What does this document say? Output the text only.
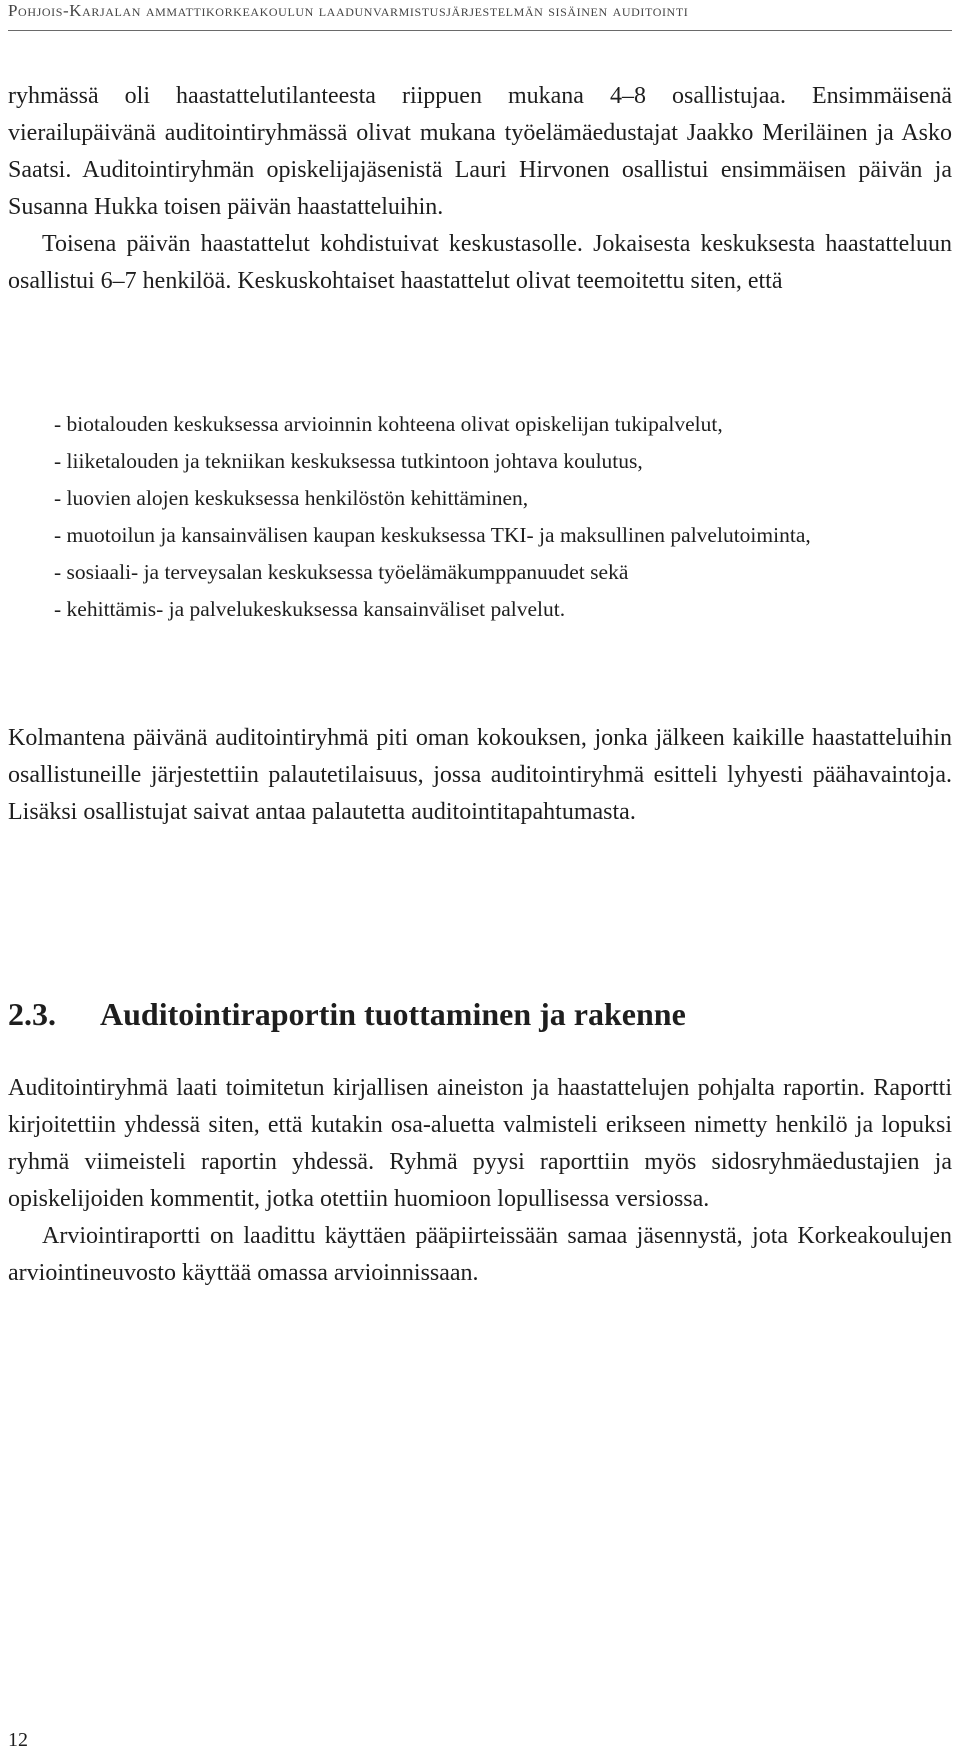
Pohjois-Karjalan ammattikorkeakoulun laadunvarmistusjärjestelmän sisäinen auditointi

ryhmässä oli haastattelutilanteesta riippuen mukana 4–8 osallistujaa. Ensimmäisenä vierailupäivänä auditointiryhmässä olivat mukana työelämäedustajat Jaakko Meriläinen ja Asko Saatsi. Auditointiryhmän opiskelijajäsenistä Lauri Hirvonen osallistui ensimmäisen päivän ja Susanna Hukka toisen päivän haastatteluihin.

Toisena päivän haastattelut kohdistuivat keskustasolle. Jokaisesta keskuksesta haastatteluun osallistui 6–7 henkilöä. Keskuskohtaiset haastattelut olivat teemoitettu siten, että

- biotalouden keskuksessa arvioinnin kohteena olivat opiskelijan tukipalvelut,
- liiketalouden ja tekniikan keskuksessa tutkintoon johtava koulutus,
- luovien alojen keskuksessa henkilöstön kehittäminen,
- muotoilun ja kansainvälisen kaupan keskuksessa TKI- ja maksullinen palvelutoiminta,
- sosiaali- ja terveysalan keskuksessa työelämäkumppanuudet sekä
- kehittämis- ja palvelukeskuksessa kansainväliset palvelut.

Kolmantena päivänä auditointiryhmä piti oman kokouksen, jonka jälkeen kaikille haastatteluihin osallistuneille järjestettiin palautetilaisuus, jossa auditointiryhmä esitteli lyhyesti päähavaintoja. Lisäksi osallistujat saivat antaa palautetta auditointitapahtumasta.

2.3. Auditointiraportin tuottaminen ja rakenne

Auditointiryhmä laati toimitetun kirjallisen aineiston ja haastattelujen pohjalta raportin. Raportti kirjoitettiin yhdessä siten, että kutakin osa-aluetta valmisteli erikseen nimetty henkilö ja lopuksi ryhmä viimeisteli raportin yhdessä. Ryhmä pyysi raporttiin myös sidosryhmäedustajien ja opiskelijoiden kommentit, jotka otettiin huomioon lopullisessa versiossa.

Arviointiraportti on laadittu käyttäen pääpiirteissään samaa jäsennystä, jota Korkeakoulujen arviointineuvosto käyttää omassa arvioinnissaan.

12
